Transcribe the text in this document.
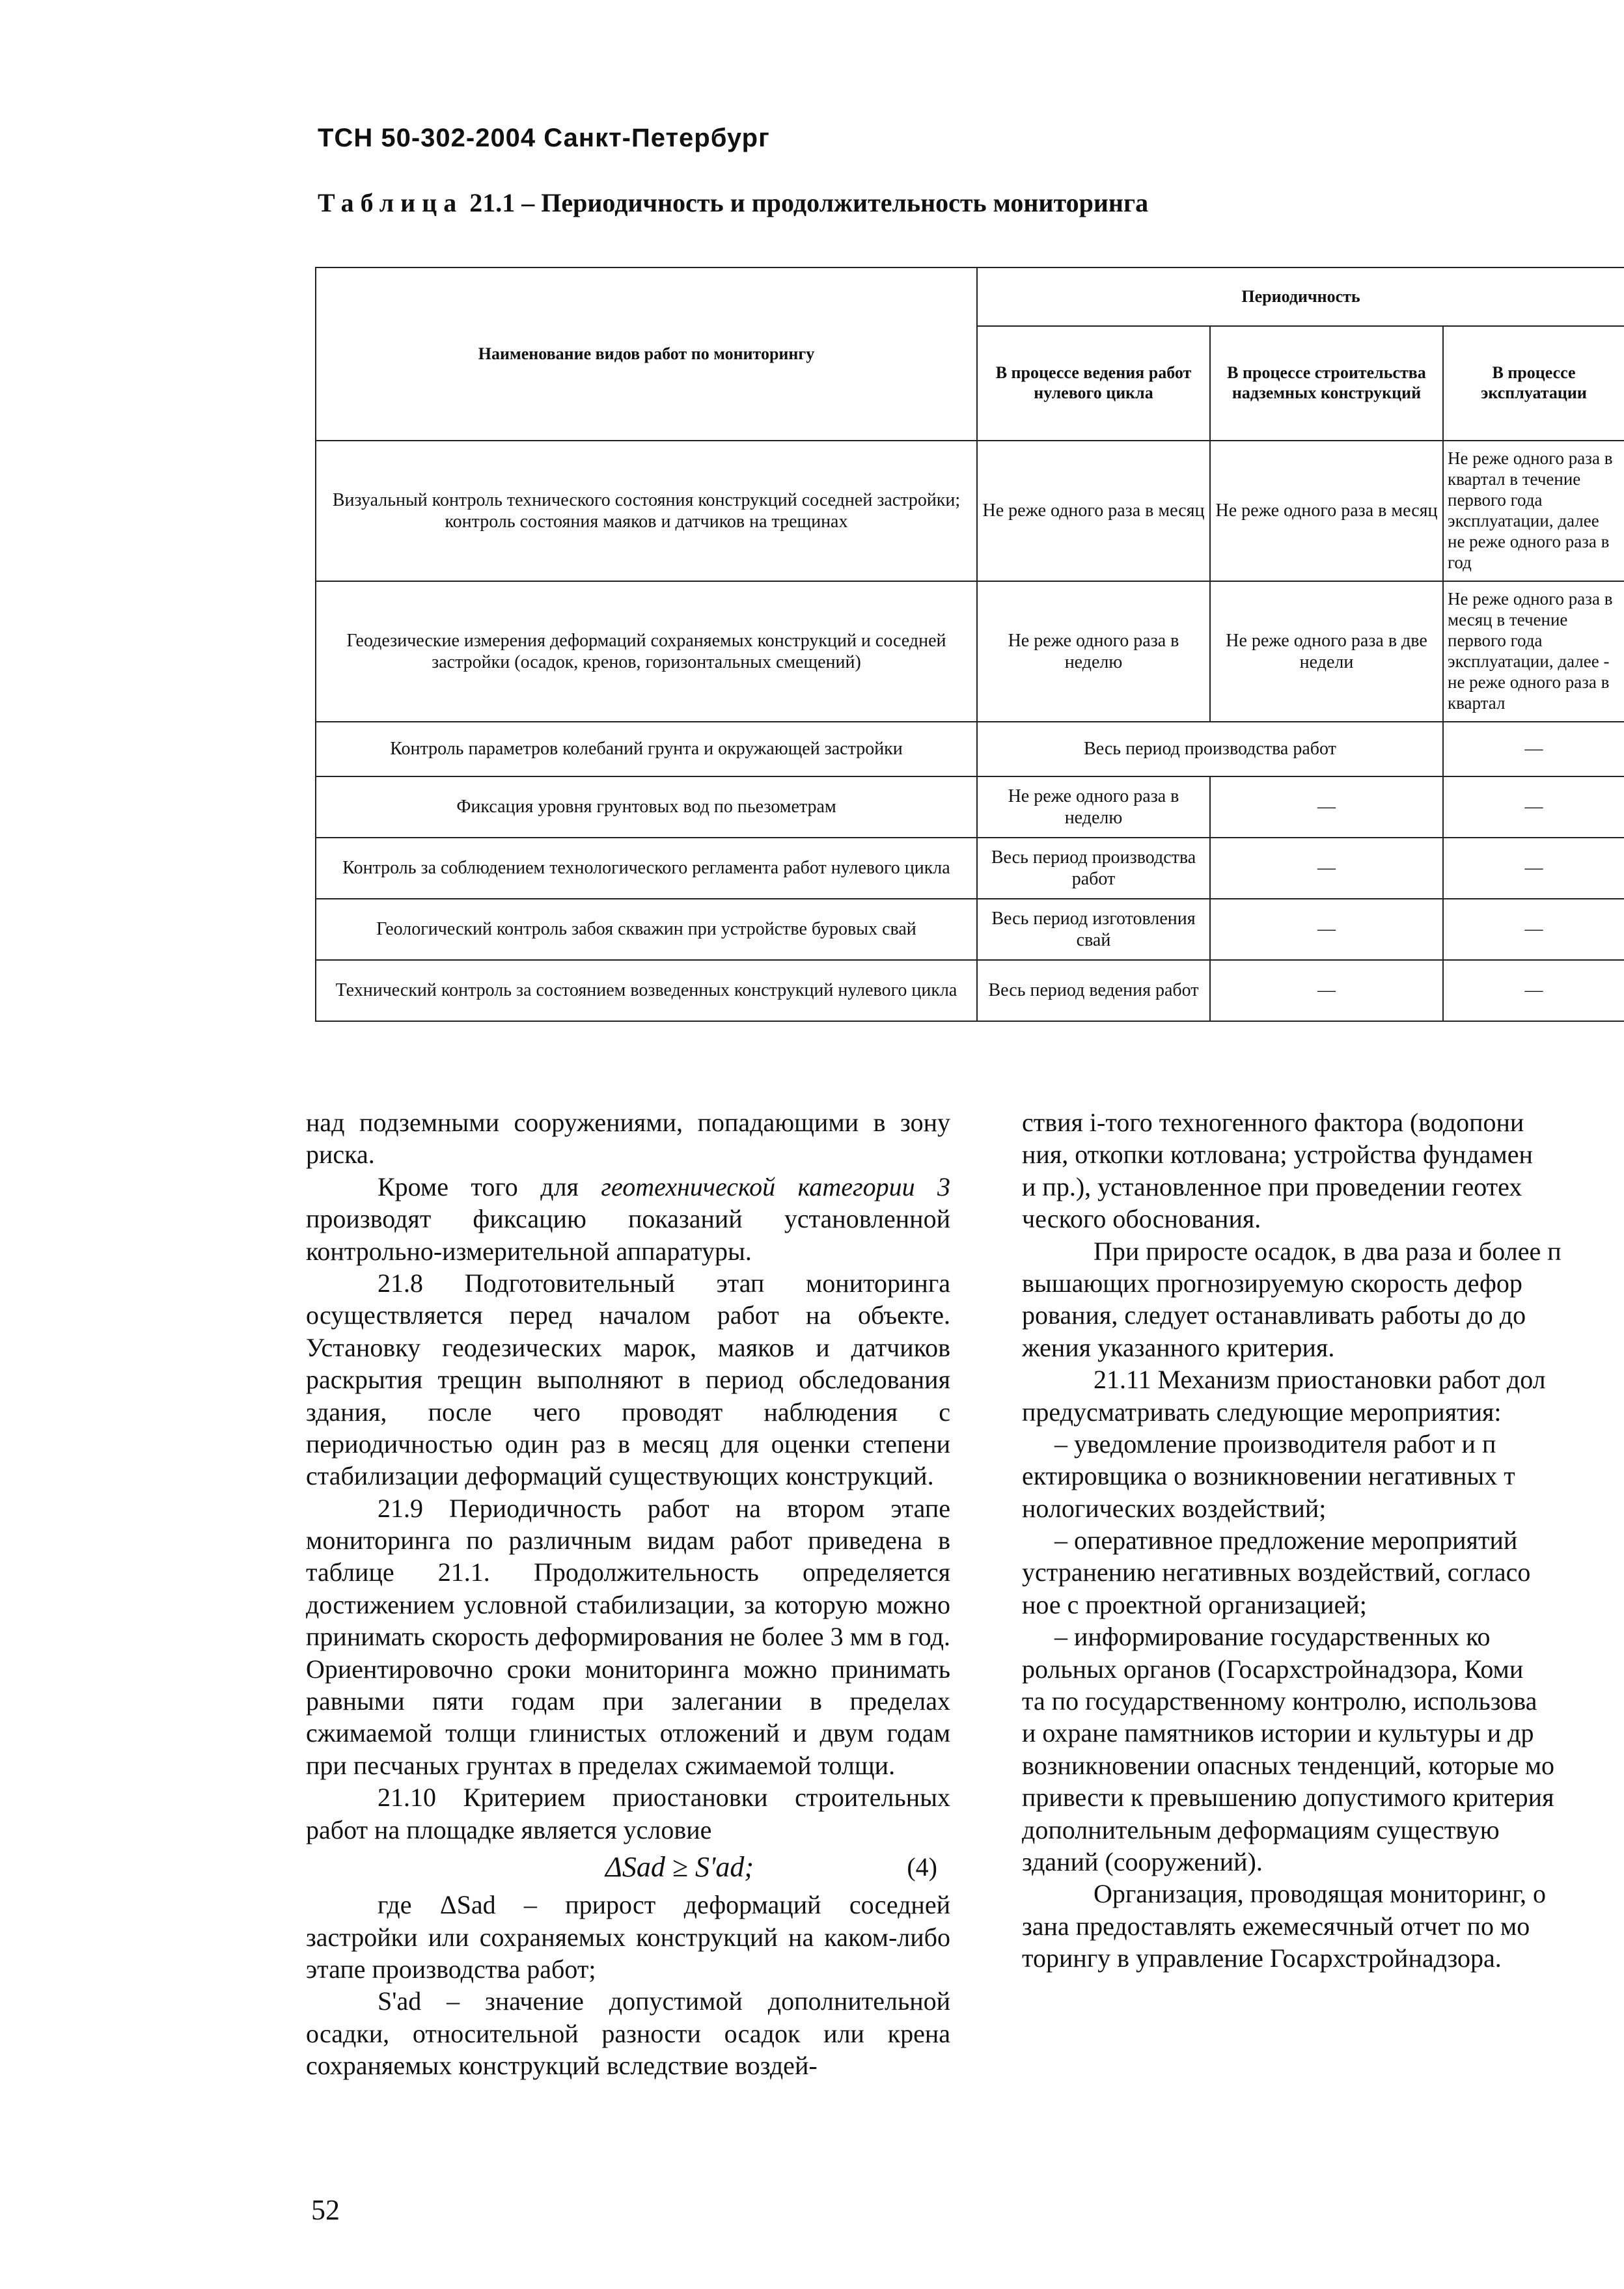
ТСН 50-302-2004 Санкт-Петербург
Таблица 21.1 – Периодичность и продолжительность мониторинга
Наименование видов работ по мониторингу	Периодичность		
	В процессе ведения работ нулевого цикла	В процессе строительства надземных конструкций	В процессе эксплуатации
Визуальный контроль технического состояния конструкций соседней застройки; контроль состояния маяков и датчиков на трещинах	Не реже одного раза в месяц	Не реже одного раза в месяц	Не реже одного раза в квартал в течение первого года эксплуатации, далее не реже одного раза в год
Геодезические измерения деформаций сохраняемых конструкций и соседней застройки (осадок, кренов, горизонтальных смещений)	Не реже одного раза в неделю	Не реже одного раза в две недели	Не реже одного раза в месяц в течение первого года эксплуатации, далее - не реже одного раза в квартал
Контроль параметров колебаний грунта и окружающей застройки	Весь период производства работ		—
Фиксация уровня грунтовых вод по пьезометрам	Не реже одного раза в неделю	—	—
Контроль за соблюдением технологического регламента работ нулевого цикла	Весь период производства работ	—	—
Геологический контроль забоя скважин при устройстве буровых свай	Весь период изготовления свай	—	—
Технический контроль за состоянием возведенных конструкций нулевого цикла	Весь период ведения работ	—	—

над подземными сооружениями, попадающими в зону риска.

Кроме того для геотехнической категории 3 производят фиксацию показаний установленной контрольно-измерительной аппаратуры.

21.8 Подготовительный этап мониторинга осуществляется перед началом работ на объекте. Установку геодезических марок, маяков и датчиков раскрытия трещин выполняют в период обследования здания, после чего проводят наблюдения с периодичностью один раз в месяц для оценки степени стабилизации деформаций существующих конструкций.

21.9 Периодичность работ на втором этапе мониторинга по различным видам работ приведена в таблице 21.1. Продолжительность определяется достижением условной стабилизации, за которую можно принимать скорость деформирования не более 3 мм в год. Ориентировочно сроки мониторинга можно принимать равными пяти годам при залегании в пределах сжимаемой толщи глинистых отложений и двум годам при песчаных грунтах в пределах сжимаемой толщи.

21.10 Критерием приостановки строительных работ на площадке является условие

ΔSad ≥ S'ad;	(4)

где ΔSad – прирост деформаций соседней застройки или сохраняемых конструкций на каком-либо этапе производства работ;

S'ad – значение допустимой дополнительной осадки, относительной разности осадок или крена сохраняемых конструкций вследствие воздей-

ствия i-того техногенного фактора (водопони
ния, откопки котлована; устройства фундамен
и пр.), установленное при проведении геотех
ческого обоснования.
При приросте осадок, в два раза и более п
вышающих прогнозируемую скорость дефор
рования, следует останавливать работы до до
жения указанного критерия.
21.11 Механизм приостановки работ дол
предусматривать следующие мероприятия:
– уведомление производителя работ и п
ектировщика о возникновении негативных т
нологических воздействий;
– оперативное предложение мероприятий
устранению негативных воздействий, согласо
ное с проектной организацией;
– информирование государственных ко
рольных органов (Госархстройнадзора, Коми
та по государственному контролю, использова
и охране памятников истории и культуры и др
возникновении опасных тенденций, которые мо
привести к превышению допустимого критерия
дополнительным деформациям существую
зданий (сооружений).
Организация, проводящая мониторинг, о
зана предоставлять ежемесячный отчет по мо
торингу в управление Госархстройнадзора.
52
